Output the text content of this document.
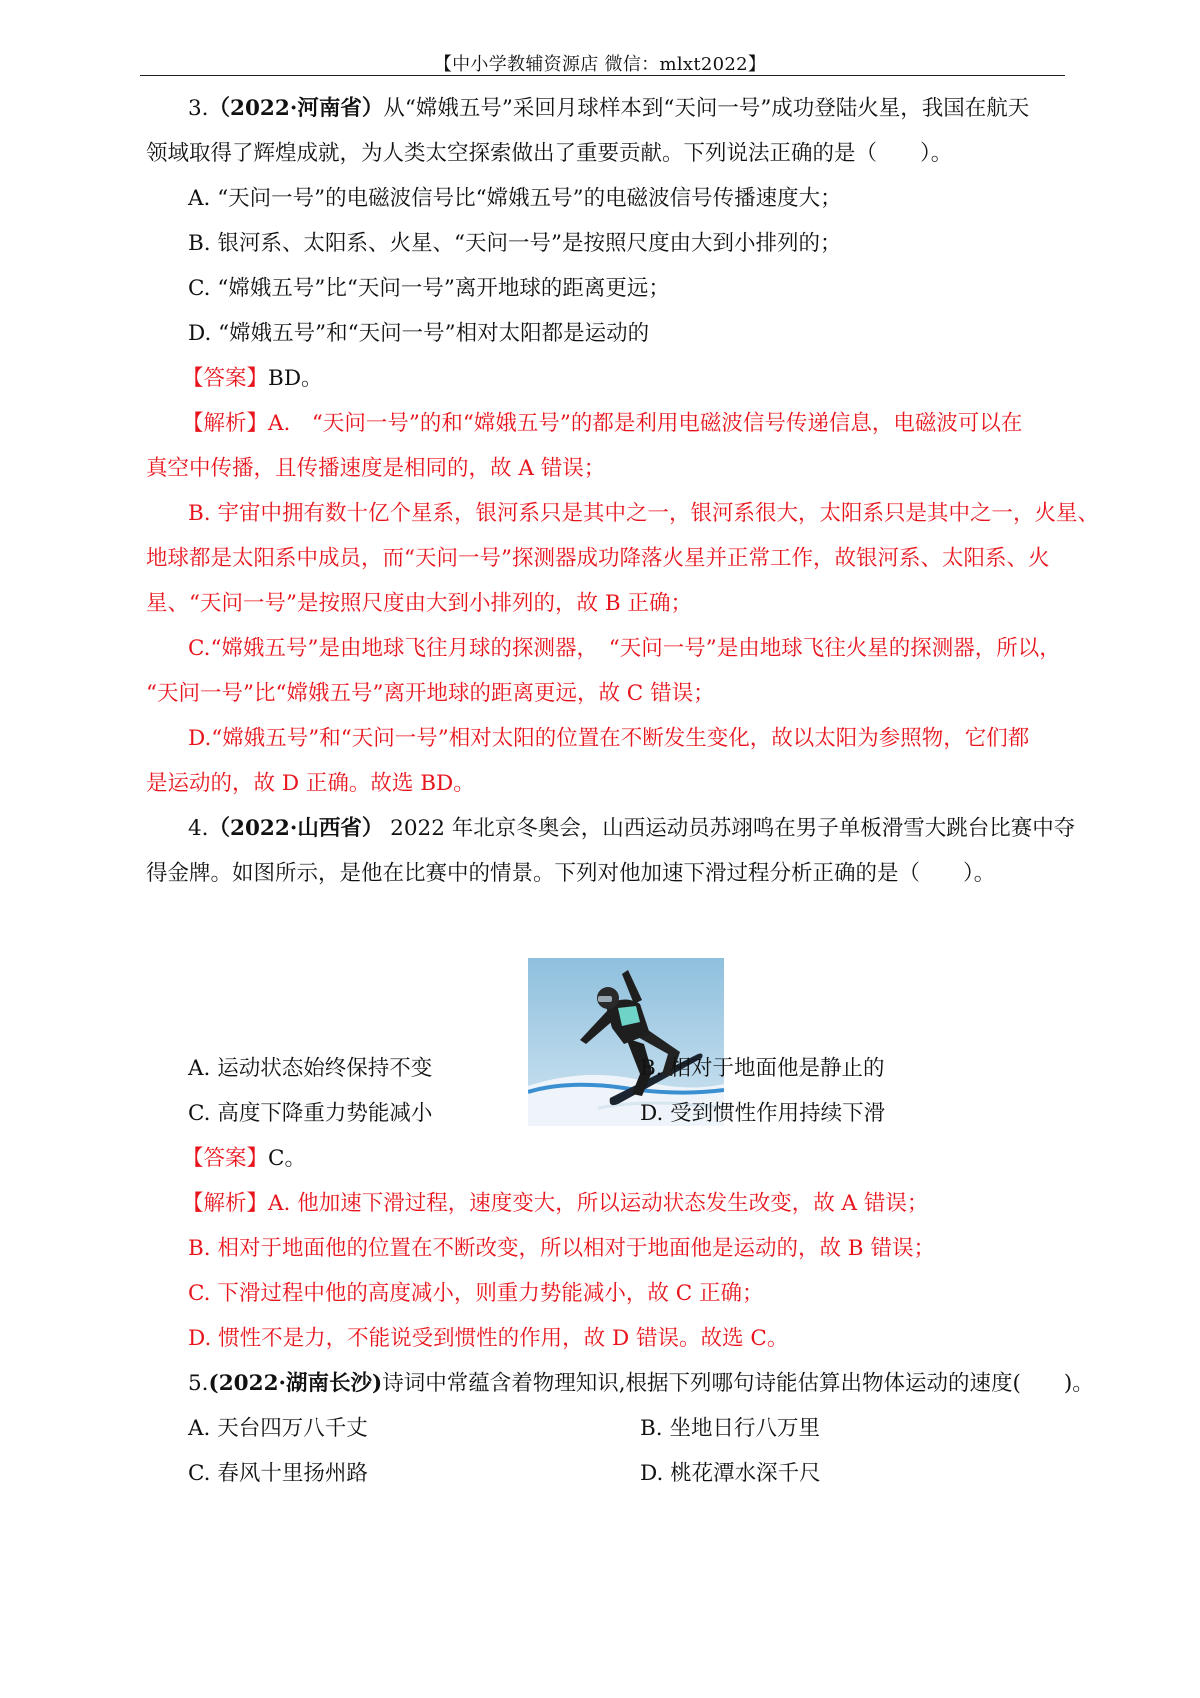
【中小学教辅资源店 微信：mlxt2022】
3.（2022·河南省）从“嫦娥五号”采回月球样本到“天问一号”成功登陆火星，我国在航天
领域取得了辉煌成就，为人类太空探索做出了重要贡献。下列说法正确的是（　　）。
A. “天问一号”的电磁波信号比“嫦娥五号”的电磁波信号传播速度大；
B. 银河系、太阳系、火星、“天问一号”是按照尺度由大到小排列的；
C. “嫦娥五号”比“天问一号”离开地球的距离更远；
D. “嫦娥五号”和“天问一号”相对太阳都是运动的
【答案】BD。
【解析】A.　“天问一号”的和“嫦娥五号”的都是利用电磁波信号传递信息，电磁波可以在
真空中传播，且传播速度是相同的，故 A 错误；
B. 宇宙中拥有数十亿个星系，银河系只是其中之一，银河系很大，太阳系只是其中之一，火星、
地球都是太阳系中成员，而“天问一号”探测器成功降落火星并正常工作，故银河系、太阳系、火
星、“天问一号”是按照尺度由大到小排列的，故 B 正确；
C.“嫦娥五号”是由地球飞往月球的探测器，　“天问一号”是由地球飞往火星的探测器，所以，
“天问一号”比“嫦娥五号”离开地球的距离更远，故 C 错误；
D.“嫦娥五号”和“天问一号”相对太阳的位置在不断发生变化，故以太阳为参照物，它们都
是运动的，故 D 正确。故选 BD。
4.（2022·山西省） 2022 年北京冬奥会，山西运动员苏翊鸣在男子单板滑雪大跳台比赛中夺
得金牌。如图所示，是他在比赛中的情景。下列对他加速下滑过程分析正确的是（　　）。
A. 运动状态始终保持不变	B. 相对于地面他是静止的
C. 高度下降重力势能减小	D. 受到惯性作用持续下滑
【答案】C。
【解析】A. 他加速下滑过程，速度变大，所以运动状态发生改变，故 A 错误；
B. 相对于地面他的位置在不断改变，所以相对于地面他是运动的，故 B 错误；
C. 下滑过程中他的高度减小，则重力势能减小，故 C 正确；
D. 惯性不是力，不能说受到惯性的作用，故 D 错误。故选 C。
5.(2022·湖南长沙)诗词中常蕴含着物理知识,根据下列哪句诗能估算出物体运动的速度(　　)。
A. 天台四万八千丈	B. 坐地日行八万里
C. 春风十里扬州路	D. 桃花潭水深千尺
